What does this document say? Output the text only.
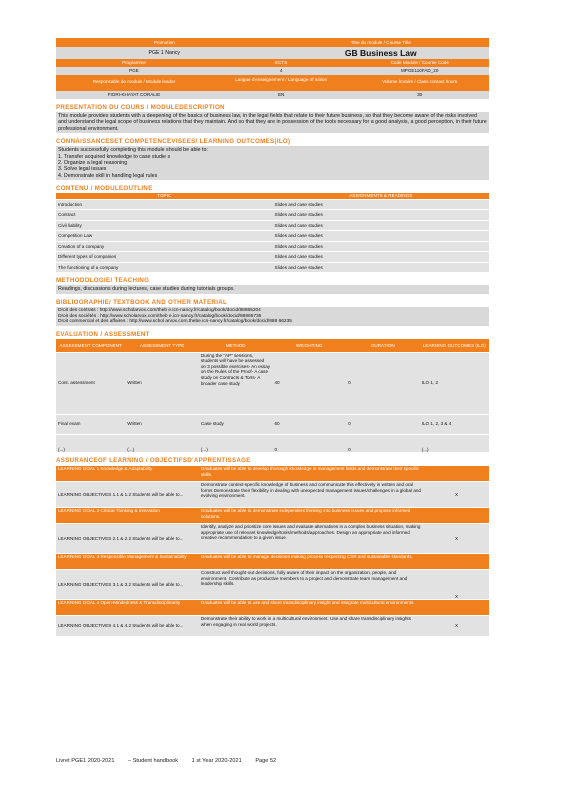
Promotion	Titre du module / Course Title
PGE 1 Nancy	GB Business Law
Programme	ECTS	Code Module / Course Code
PGE	4	MPGE110FAD_20
Responsable de module / Module leader	Langue d'enseignement / Language of tuition	Volume horaire / Class contact hours
FIORI-KHAYAT CORALIE	EN	30
PRESENTATION DU COURS / MODULEDESCRIPTION
This module provides students with a deepening of the basics of business law, in the legal fields that relate to their future business, so that they become aware of the risks involved and understand the legal scope of business relations that they maintain. And so that they are in possession of the tools necessary for a good analysis, a good perception, in their future professional environment.
CONNAISSANCESET COMPETENCEVISEES/ LEARNING OUTCOMES(ILO)
Students successfully completing this module should be able to:
1. Transfer acquired knowledge to case studie s
2. Organize a legal reasoning
3. Solve legal issues
4. Demonstrate skill in handling legal rules
CONTENU / MODULEOUTLINE
TOPIC	ASSIGNMENTS & READINGS
Introduction	Slides and case studies
Contract	Slides and case studies
Civil liability	Slides and case studies
Competition Law	Slides and case studies
Creation of a company	Slides and case studies
Different types of companies	Slides and case studies
The functioning of a company	Slides and case studies
METHODOLOGIE/ TEACHING
Readings, discussions during lectures, case studies during tutorials groups.
BIBLIOGRAPHIE/ TEXTBOOK AND OTHER MATERIAL
Droit des contrats : http://www.scholarvox.com/theb e.icn-nancy.fr/catalog/book/docid/88865204
Droit des sociétés : http://www.scholarvox.com/theb e.icn-nancy.fr/catalog/book/docid/88865735
Droit commercial et des affaires : http://www.schol arvox.com.thebe.icn-nancy.fr/catalog/book/docid/888 66235
EVALUATION / ASSESSMENT
ASSESSMENT COMPONENT	ASSESSMENT TYPE	METHOD	WEIGHTING	DURATION	LEARNING OUTCOMES (ILO)
Cont. assessment	Written	During the "AP" sessions, students will have be assessed on 3 possible exercises- An essay on the Rules of the Proof- A case study on Contracts & Torts- A broader case study	40	0	ILO 1, 2
Final exam	Written	Case study	60	0	ILO 1, 2, 3 & 4
(...)	(...)	(...)	0	0	(...)
ASSURANCEOF LEARNING / OBJECTIFSD'APPRENTISSAGE
LEARNING GOAL 1 Knowledge & Adaptability	Graduates will be able to develop thorough knowledge in management fields and demonstrate their specific skills.	
LEARNING OBJECTIVES 1.1 & 1.2 Students will be able to...	Demonstrate context-specific knowledge of business and communicate this effectively in written and oral forms Demonstrate their flexibility in dealing with unexpected management issues/challenges in a global and evolving environment.	X
LEARNING GOAL 2 Critical Thinking & Innovation	Graduates will be able to demonstrate independent thinking into business issues and propose informed solutions.	
LEARNING OBJECTIVES 2.1 & 2.2 Students will be able to...	Identify, analyze and prioritize core issues and evaluate alternatives in a complex business situation, making appropriate use of relevant knowledge/tools/methods/approaches. Design an appropriate and informed creative recommendation to a given issue.	X
LEARNING GOAL 3 Responsible Management & Sustainability	Graduates will be able to manage decisions making process respecting CSR and sustainable standards.	
LEARNING OBJECTIVES 3.1 & 3.2 Students will be able to...	Construct well thought-out decisions, fully aware of their impact on the organization, people, and environment. Contribute as productive members to a project and demonstrate team management and leadership skills.	X
LEARNING GOAL 4 Open-Mindedness & Transdisciplinarity	Graduates will be able to use and share transdisciplinary insight and integrate multicultural environments.	
LEARNING OBJECTIVES 4.1 & 4.2 Students will be able to...	Demonstrate their ability to work in a multicultural environment. Use and share transdisciplinary insights when engaging in real world projects.	X
Livret PGE1 2020-2021 – Student handbook 1 st Year 2020-2021 Page 52
